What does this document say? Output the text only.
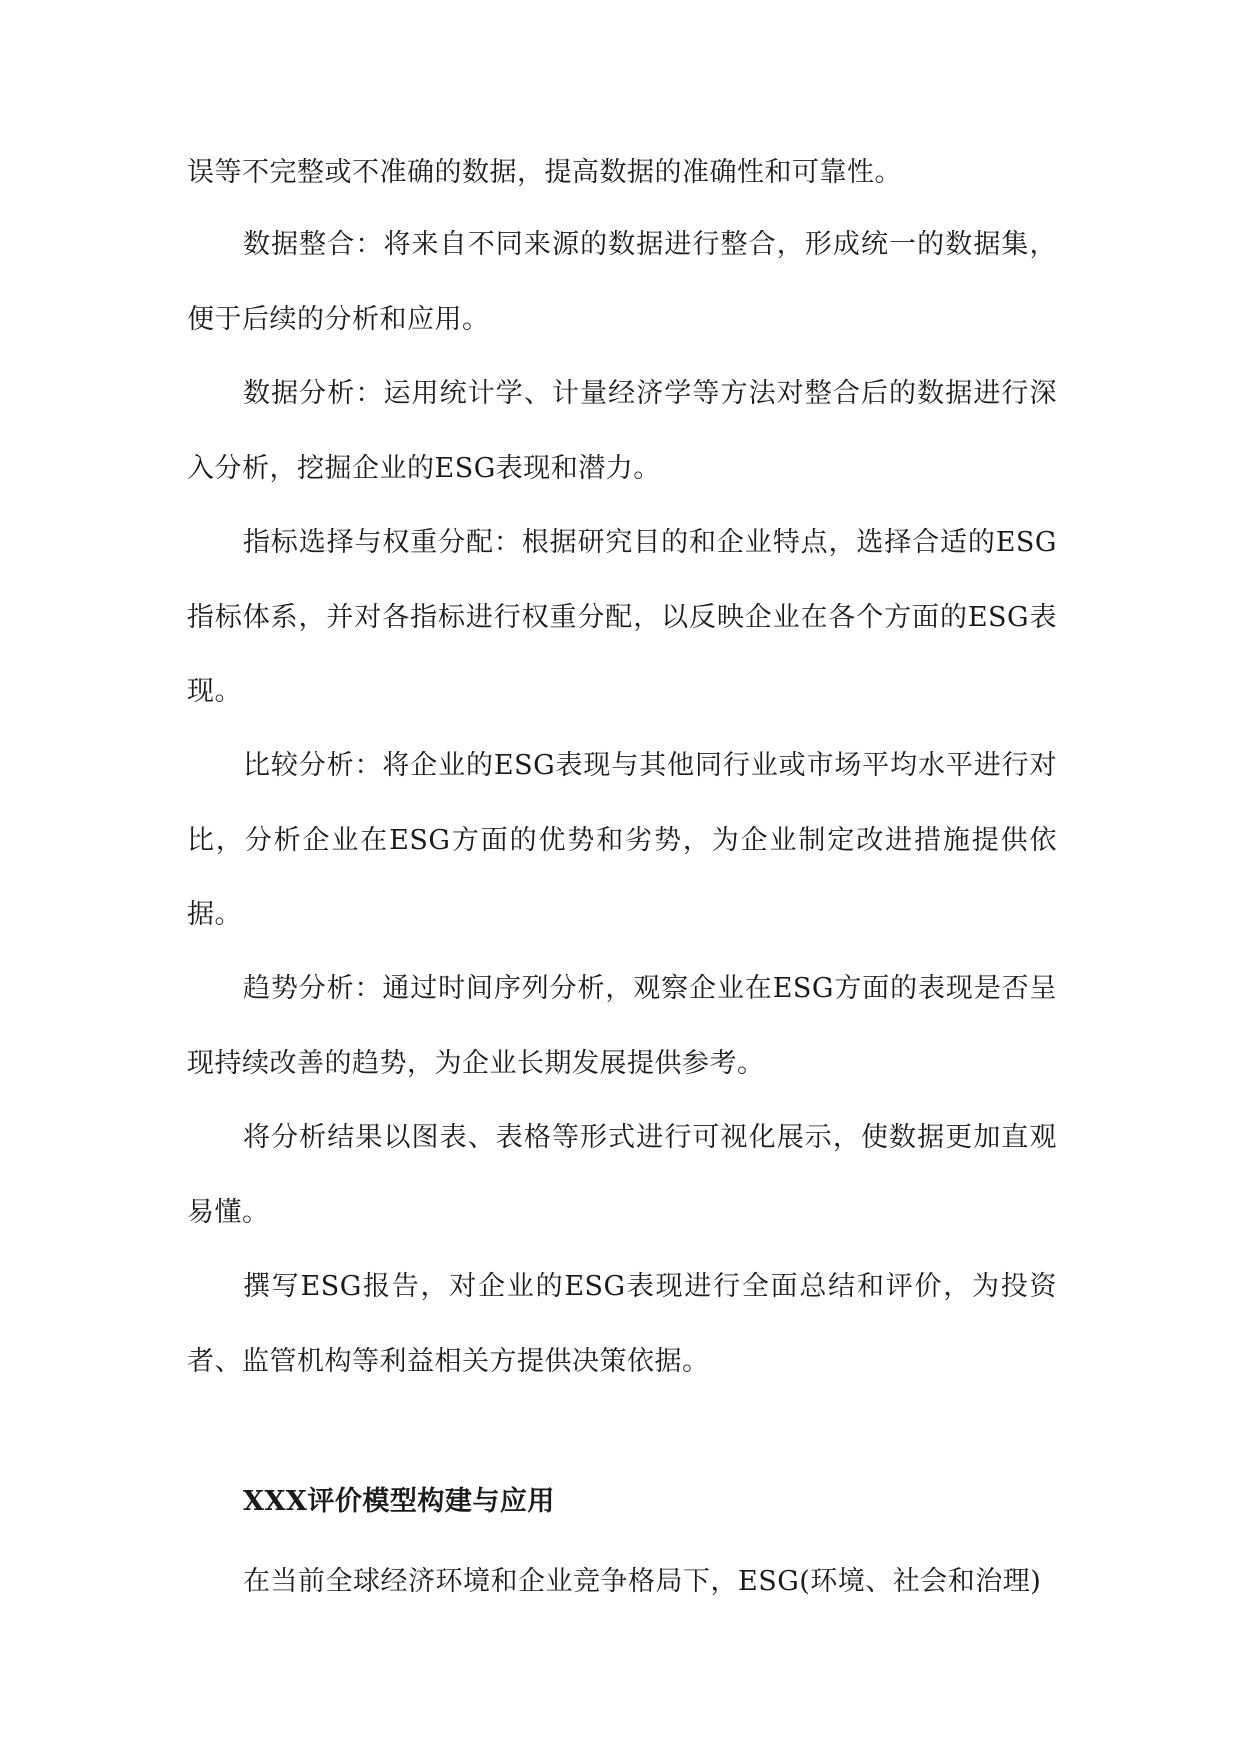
误等不完整或不准确的数据，提高数据的准确性和可靠性。

数据整合：将来自不同来源的数据进行整合，形成统一的数据集，便于后续的分析和应用。

数据分析：运用统计学、计量经济学等方法对整合后的数据进行深入分析，挖掘企业的ESG表现和潜力。

指标选择与权重分配：根据研究目的和企业特点，选择合适的ESG指标体系，并对各指标进行权重分配，以反映企业在各个方面的ESG表现。

比较分析：将企业的ESG表现与其他同行业或市场平均水平进行对比，分析企业在ESG方面的优势和劣势，为企业制定改进措施提供依据。

趋势分析：通过时间序列分析，观察企业在ESG方面的表现是否呈现持续改善的趋势，为企业长期发展提供参考。

将分析结果以图表、表格等形式进行可视化展示，使数据更加直观易懂。

撰写ESG报告，对企业的ESG表现进行全面总结和评价，为投资者、监管机构等利益相关方提供决策依据。

XXX评价模型构建与应用

在当前全球经济环境和企业竞争格局下，ESG(环境、社会和治理)
